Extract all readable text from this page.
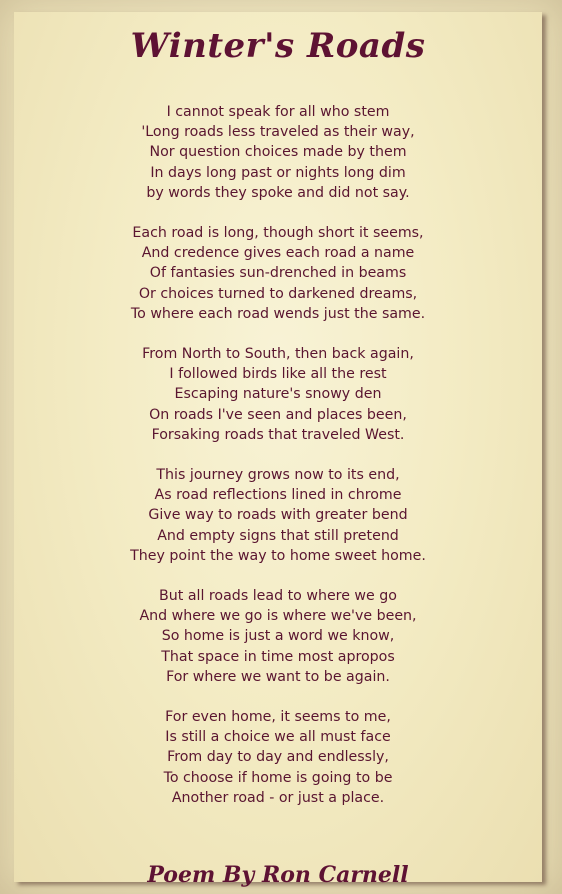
Winter's Roads
I cannot speak for all who stem
'Long roads less traveled as their way,
Nor question choices made by them
In days long past or nights long dim
by words they spoke and did not say.
Each road is long, though short it seems,
And credence gives each road a name
Of fantasies sun-drenched in beams
Or choices turned to darkened dreams,
To where each road wends just the same.
From North to South, then back again,
I followed birds like all the rest
Escaping nature's snowy den
On roads I've seen and places been,
Forsaking roads that traveled West.
This journey grows now to its end,
As road reflections lined in chrome
Give way to roads with greater bend
And empty signs that still pretend
They point the way to home sweet home.
But all roads lead to where we go
And where we go is where we've been,
So home is just a word we know,
That space in time most apropos
For where we want to be again.
For even home, it seems to me,
Is still a choice we all must face
From day to day and endlessly,
To choose if home is going to be
Another road - or just a place.
Poem By Ron Carnell
